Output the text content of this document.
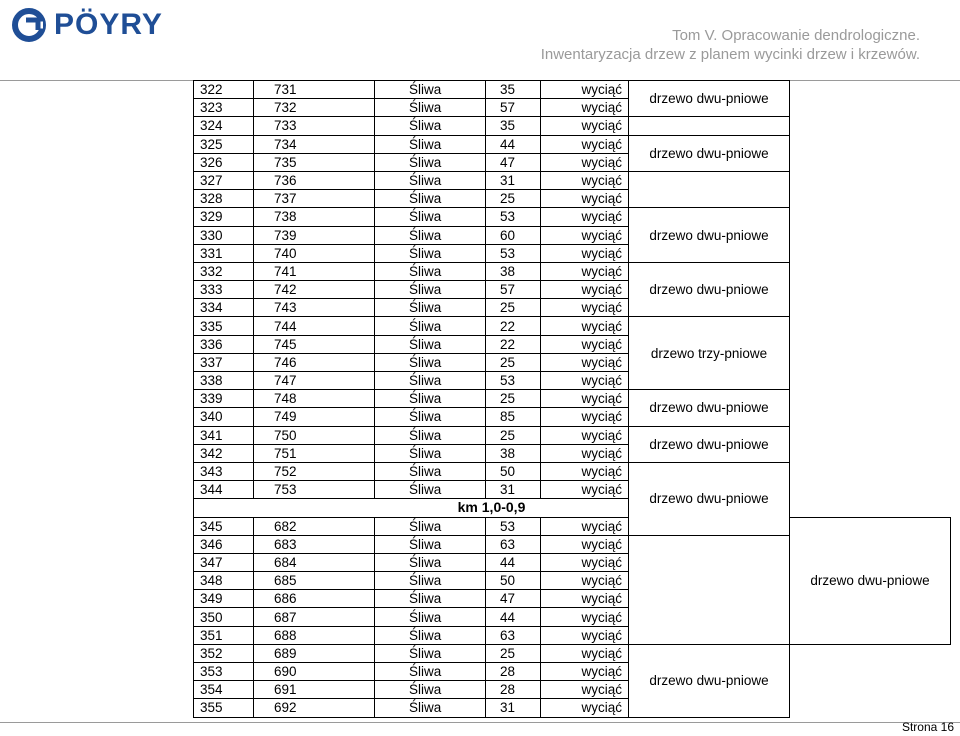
PÖYRY	Tom V. Opracowanie dendrologiczne.
Inwentaryzacja drzew z planem wycinki drzew i krzewów.
322	731	Śliwa	35	wyciąć	drzewo dwu-pniowe	
323	732	Śliwa	57	wyciąć		
324	733	Śliwa	35	wyciąć		
325	734	Śliwa	44	wyciąć	drzewo dwu-pniowe	
326	735	Śliwa	47	wyciąć		
327	736	Śliwa	31	wyciąć		
328	737	Śliwa	25	wyciąć		
329	738	Śliwa	53	wyciąć	drzewo dwu-pniowe	
330	739	Śliwa	60	wyciąć		
331	740	Śliwa	53	wyciąć		
332	741	Śliwa	38	wyciąć	drzewo dwu-pniowe	
333	742	Śliwa	57	wyciąć		
334	743	Śliwa	25	wyciąć		
335	744	Śliwa	22	wyciąć	drzewo trzy-pniowe	
336	745	Śliwa	22	wyciąć		
337	746	Śliwa	25	wyciąć		
338	747	Śliwa	53	wyciąć		
339	748	Śliwa	25	wyciąć	drzewo dwu-pniowe	
340	749	Śliwa	85	wyciąć		
341	750	Śliwa	25	wyciąć	drzewo dwu-pniowe	
342	751	Śliwa	38	wyciąć		
343	752	Śliwa	50	wyciąć	drzewo dwu-pniowe	
344	753	Śliwa	31	wyciąć		
km 1,0-0,9						
345	682	Śliwa	53	wyciąć		drzewo dwu-pniowe
346	683	Śliwa	63	wyciąć		
347	684	Śliwa	44	wyciąć		
348	685	Śliwa	50	wyciąć		
349	686	Śliwa	47	wyciąć		
350	687	Śliwa	44	wyciąć		
351	688	Śliwa	63	wyciąć		
352	689	Śliwa	25	wyciąć	drzewo dwu-pniowe	
353	690	Śliwa	28	wyciąć		
354	691	Śliwa	28	wyciąć		
355	692	Śliwa	31	wyciąć		
Strona 16
